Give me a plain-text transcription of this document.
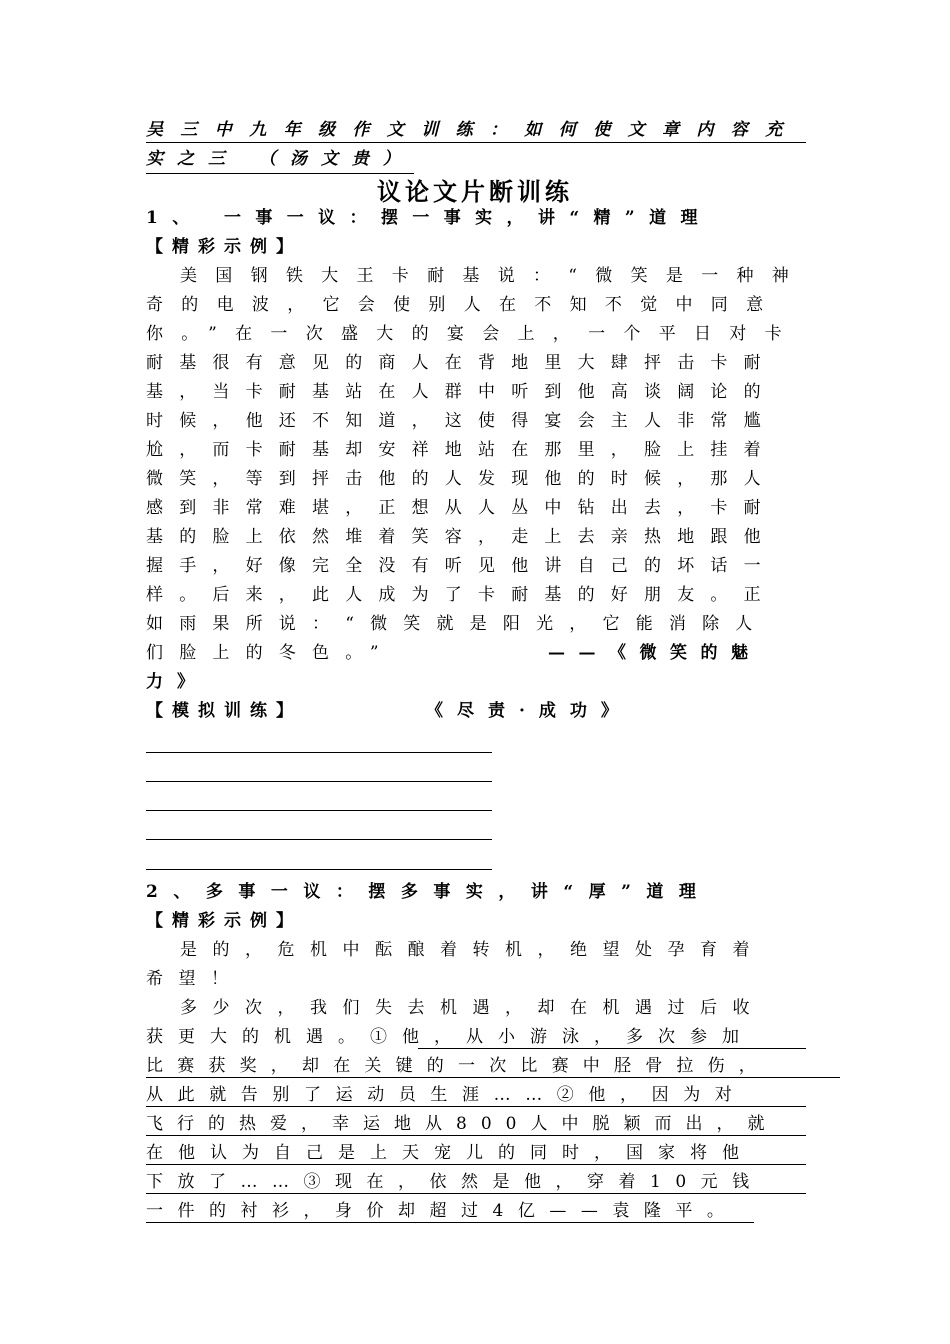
吴三中九年级作文训练：如何使文章内容充
实之三 （汤文贵）
议论文片断训练
1、 一事一议：摆一事实，讲“精”道理
【精彩示例】
美国钢铁大王卡耐基说：“微笑是一种神
奇的电波，它会使别人在不知不觉中同意
你。”在一次盛大的宴会上，一个平日对卡
耐基很有意见的商人在背地里大肆抨击卡耐
基，当卡耐基站在人群中听到他高谈阔论的
时候，他还不知道，这使得宴会主人非常尴
尬，而卡耐基却安祥地站在那里，脸上挂着
微笑，等到抨击他的人发现他的时候，那人
感到非常难堪，正想从人丛中钻出去，卡耐
基的脸上依然堆着笑容，走上去亲热地跟他
握手，好像完全没有听见他讲自己的坏话一
样。后来，此人成为了卡耐基的好朋友。正
如雨果所说：“微笑就是阳光，它能消除人
们脸上的冬色。”	——《微笑的魅
力》
【模拟训练】	《尽责·成功》
2、多事一议：摆多事实，讲“厚”道理
【精彩示例】
是的，危机中酝酿着转机，绝望处孕育着
希望！
多少次，我们失去机遇，却在机遇过后收
获更大的机遇。①他，从小游泳，多次参加
比赛获奖，却在关键的一次比赛中胫骨拉伤，
从此就告别了运动员生涯……②他，因为对
飞行的热爱，幸运地从800人中脱颖而出，就
在他认为自己是上天宠儿的同时，国家将他
下放了……③现在，依然是他，穿着10元钱
一件的衬衫，身价却超过4亿——袁隆平。
